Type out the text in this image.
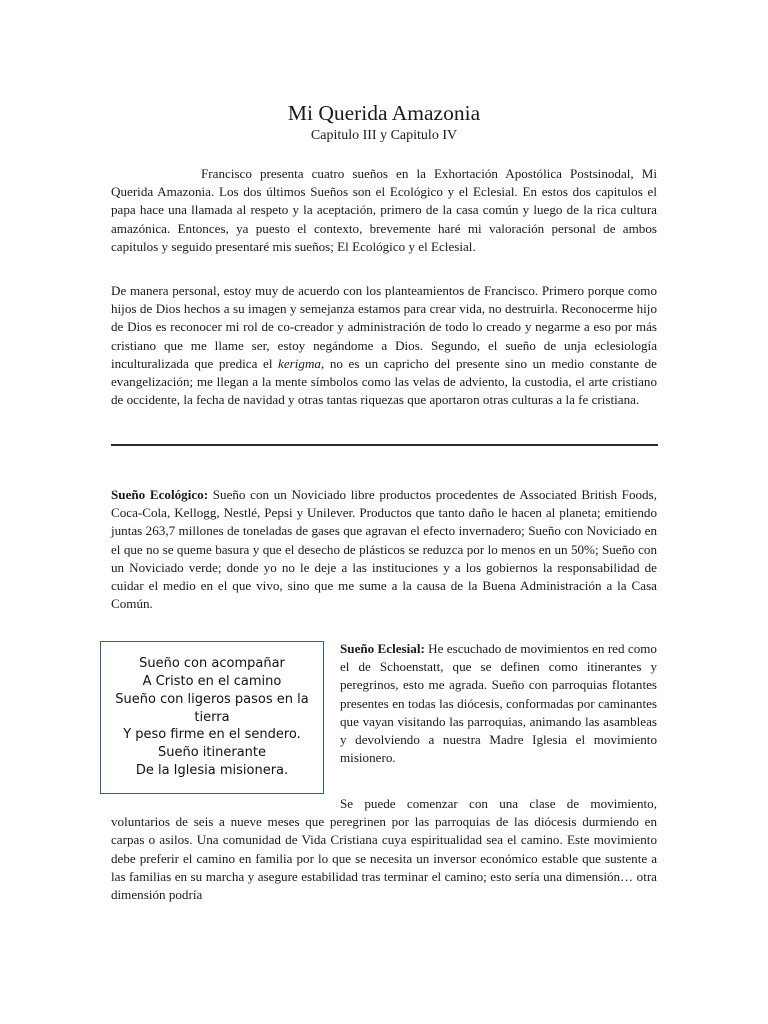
Mi Querida Amazonia
Capitulo III y Capitulo IV

Francisco presenta cuatro sueños en la Exhortación Apostólica Postsinodal, Mi Querida Amazonia. Los dos últimos Sueños son el Ecológico y el Eclesial. En estos dos capitulos el papa hace una llamada al respeto y la aceptación, primero de la casa común y luego de la rica cultura amazónica. Entonces, ya puesto el contexto, brevemente haré mi valoración personal de ambos capitulos y seguido presentaré mis sueños; El Ecológico y el Eclesial.

De manera personal, estoy muy de acuerdo con los planteamientos de Francisco. Primero porque como hijos de Dios hechos a su imagen y semejanza estamos para crear vida, no destruirla. Reconocerme hijo de Dios es reconocer mi rol de co-creador y administración de todo lo creado y negarme a eso por más cristiano que me llame ser, estoy negándome a Dios. Segundo, el sueño de unja eclesiología inculturalizada que predica el kerigma, no es un capricho del presente sino un medio constante de evangelización; me llegan a la mente símbolos como las velas de adviento, la custodia, el arte cristiano de occidente, la fecha de navidad y otras tantas riquezas que aportaron otras culturas a la fe cristiana.

Sueño Ecológico: Sueño con un Noviciado libre productos procedentes de Associated British Foods, Coca-Cola, Kellogg, Nestlé, Pepsi y Unilever. Productos que tanto daño le hacen al planeta; emitiendo juntas 263,7 millones de toneladas de gases que agravan el efecto invernadero; Sueño con Noviciado en el que no se queme basura y que el desecho de plásticos se reduzca por lo menos en un 50%; Sueño con un Noviciado verde; donde yo no le deje a las instituciones y a los gobiernos la responsabilidad de cuidar el medio en el que vivo, sino que me sume a la causa de la Buena Administración a la Casa Común.

Sueño con acompañar
A Cristo en el camino
Sueño con ligeros pasos en la tierra
Y peso firme en el sendero.
Sueño itinerante
De la Iglesia misionera.

Sueño Eclesial: He escuchado de movimientos en red como el de Schoenstatt, que se definen como itinerantes y peregrinos, esto me agrada. Sueño con parroquias flotantes presentes en todas las diócesis, conformadas por caminantes que vayan visitando las parroquias, animando las asambleas y devolviendo a nuestra Madre Iglesia el movimiento misionero.

Se puede comenzar con una clase de movimiento, voluntarios de seis a nueve meses que peregrinen por las parroquias de las diócesis durmiendo en carpas o asilos. Una comunidad de Vida Cristiana cuya espiritualidad sea el camino. Este movimiento debe preferir el camino en familia por lo que se necesita un inversor económico estable que sustente a las familias en su marcha y asegure estabilidad tras terminar el camino; esto sería una dimensión… otra dimensión podría
